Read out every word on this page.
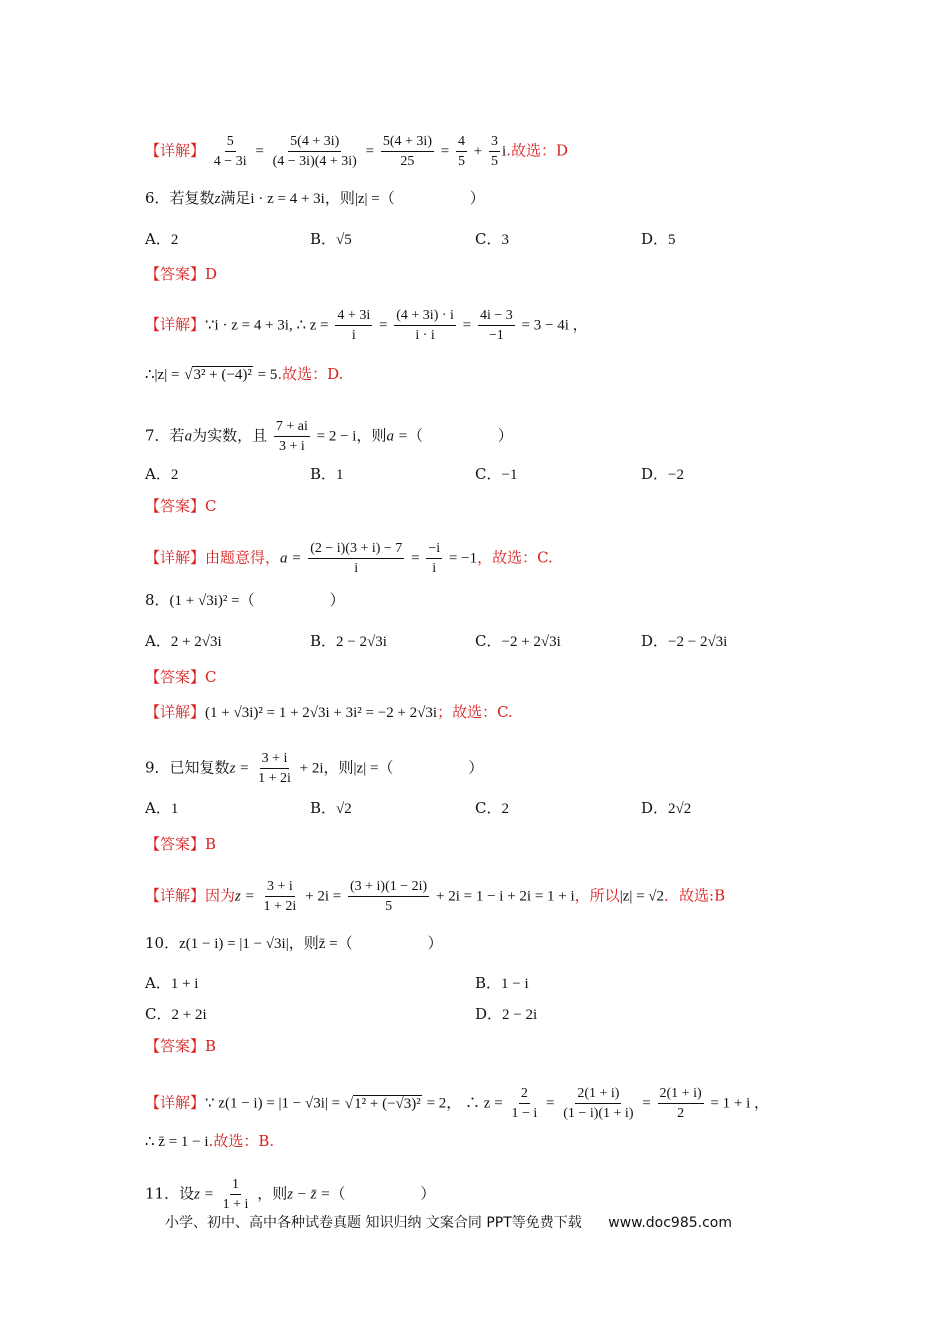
【详解】 $\frac{5}{4 - 3i} = \frac{5(4 + 3i)}{(4 - 3i)(4 + 3i)} = \frac{5(4 + 3i)}{25} = \frac{4}{5} + \frac{3}{5} i$.故选：D
6．若复数z满足i · z = 4 + 3i，则|z| =（　　　　　）
A．2	B．√5	C．3	D．5
【答案】D
【详解】∵i · z = 4 + 3i, ∴ $z = \frac{4 + 3i}{i} = \frac{(4 + 3i) \cdot i}{i \cdot i} = \frac{4i - 3}{-1} = 3 - 4i$ ，
∴|z| = √3² + (−4)² = 5.故选：D.
7．若a为实数，且 $\frac{7 + ai}{3 + i} = 2 - i$，则a =（　　　　　）
A．2	B．1	C．−1	D．−2
【答案】C
【详解】由题意得，$a = \frac{(2 - i)(3 + i) - 7}{i} = \frac{-i}{i} = -1$，故选：C.
8．(1 + √3i)² =（　　　　　）
A．2 + 2√3i	B．2 − 2√3i	C．−2 + 2√3i	D．−2 − 2√3i
【答案】C
【详解】(1 + √3i)² = 1 + 2√3i + 3i² = −2 + 2√3i；故选：C.
9．已知复数$z = \frac{3 + i}{1 + 2i} + 2i$，则|z| =（　　　　　）
A．1	B．√2	C．2	D．2√2
【答案】B
【详解】因为$z = \frac{3 + i}{1 + 2i} + 2i = \frac{(3 + i)(1 - 2i)}{5} + 2i = 1 - i + 2i = 1 + i$，所以|z| = √2．故选:B
10．z(1 − i) = |1 − √3i|，则z̄ =（　　　　　）
A．1 + i	B．1 − i
C．2 + 2i	D．2 − 2i
【答案】B
【详解】∵ z(1 − i) = |1 − √3i| = √1² + (−√3)² = 2， ∴ $z = \frac{2}{1 - i} = \frac{2(1 + i)}{(1 - i)(1 + i)} = \frac{2(1 + i)}{2} = 1 + i$ ，
∴ z̄ = 1 − i.故选：B.
11．设$z = \frac{1}{1 + i}$ ，则z − z̄ =（　　　　　）
小学、初中、高中各种试卷真题 知识归纳 文案合同 PPT等免费下载 www.doc985.com
